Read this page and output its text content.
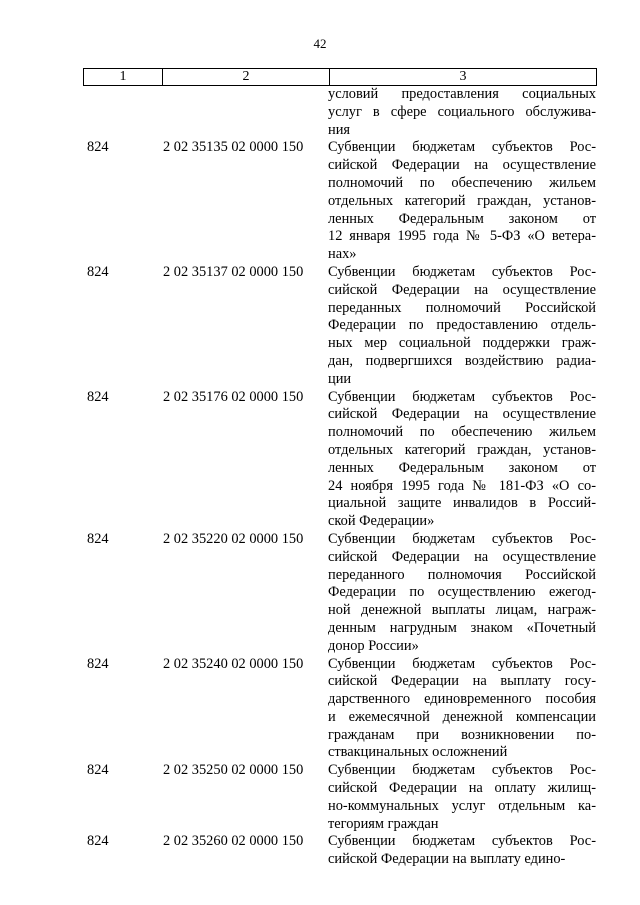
42
1	2	3
условий предоставления социальных
услуг в сфере социального обслужива-
ния
824	2 02 35135 02 0000 150	Субвенции бюджетам субъектов Рос-
сийской Федерации на осуществление
полномочий по обеспечению жильем
отдельных категорий граждан, установ-
ленных Федеральным законом от
12 января 1995 года № 5-ФЗ «О ветера-
нах»
824	2 02 35137 02 0000 150	Субвенции бюджетам субъектов Рос-
сийской Федерации на осуществление
переданных полномочий Российской
Федерации по предоставлению отдель-
ных мер социальной поддержки граж-
дан, подвергшихся воздействию радиа-
ции
824	2 02 35176 02 0000 150	Субвенции бюджетам субъектов Рос-
сийской Федерации на осуществление
полномочий по обеспечению жильем
отдельных категорий граждан, установ-
ленных Федеральным законом от
24 ноября 1995 года № 181-ФЗ «О со-
циальной защите инвалидов в Россий-
ской Федерации»
824	2 02 35220 02 0000 150	Субвенции бюджетам субъектов Рос-
сийской Федерации на осуществление
переданного полномочия Российской
Федерации по осуществлению ежегод-
ной денежной выплаты лицам, награж-
денным нагрудным знаком «Почетный
донор России»
824	2 02 35240 02 0000 150	Субвенции бюджетам субъектов Рос-
сийской Федерации на выплату госу-
дарственного единовременного пособия
и ежемесячной денежной компенсации
гражданам при возникновении по-
ствакцинальных осложнений
824	2 02 35250 02 0000 150	Субвенции бюджетам субъектов Рос-
сийской Федерации на оплату жилищ-
но-коммунальных услуг отдельным ка-
тегориям граждан
824	2 02 35260 02 0000 150	Субвенции бюджетам субъектов Рос-
сийской Федерации на выплату едино-
